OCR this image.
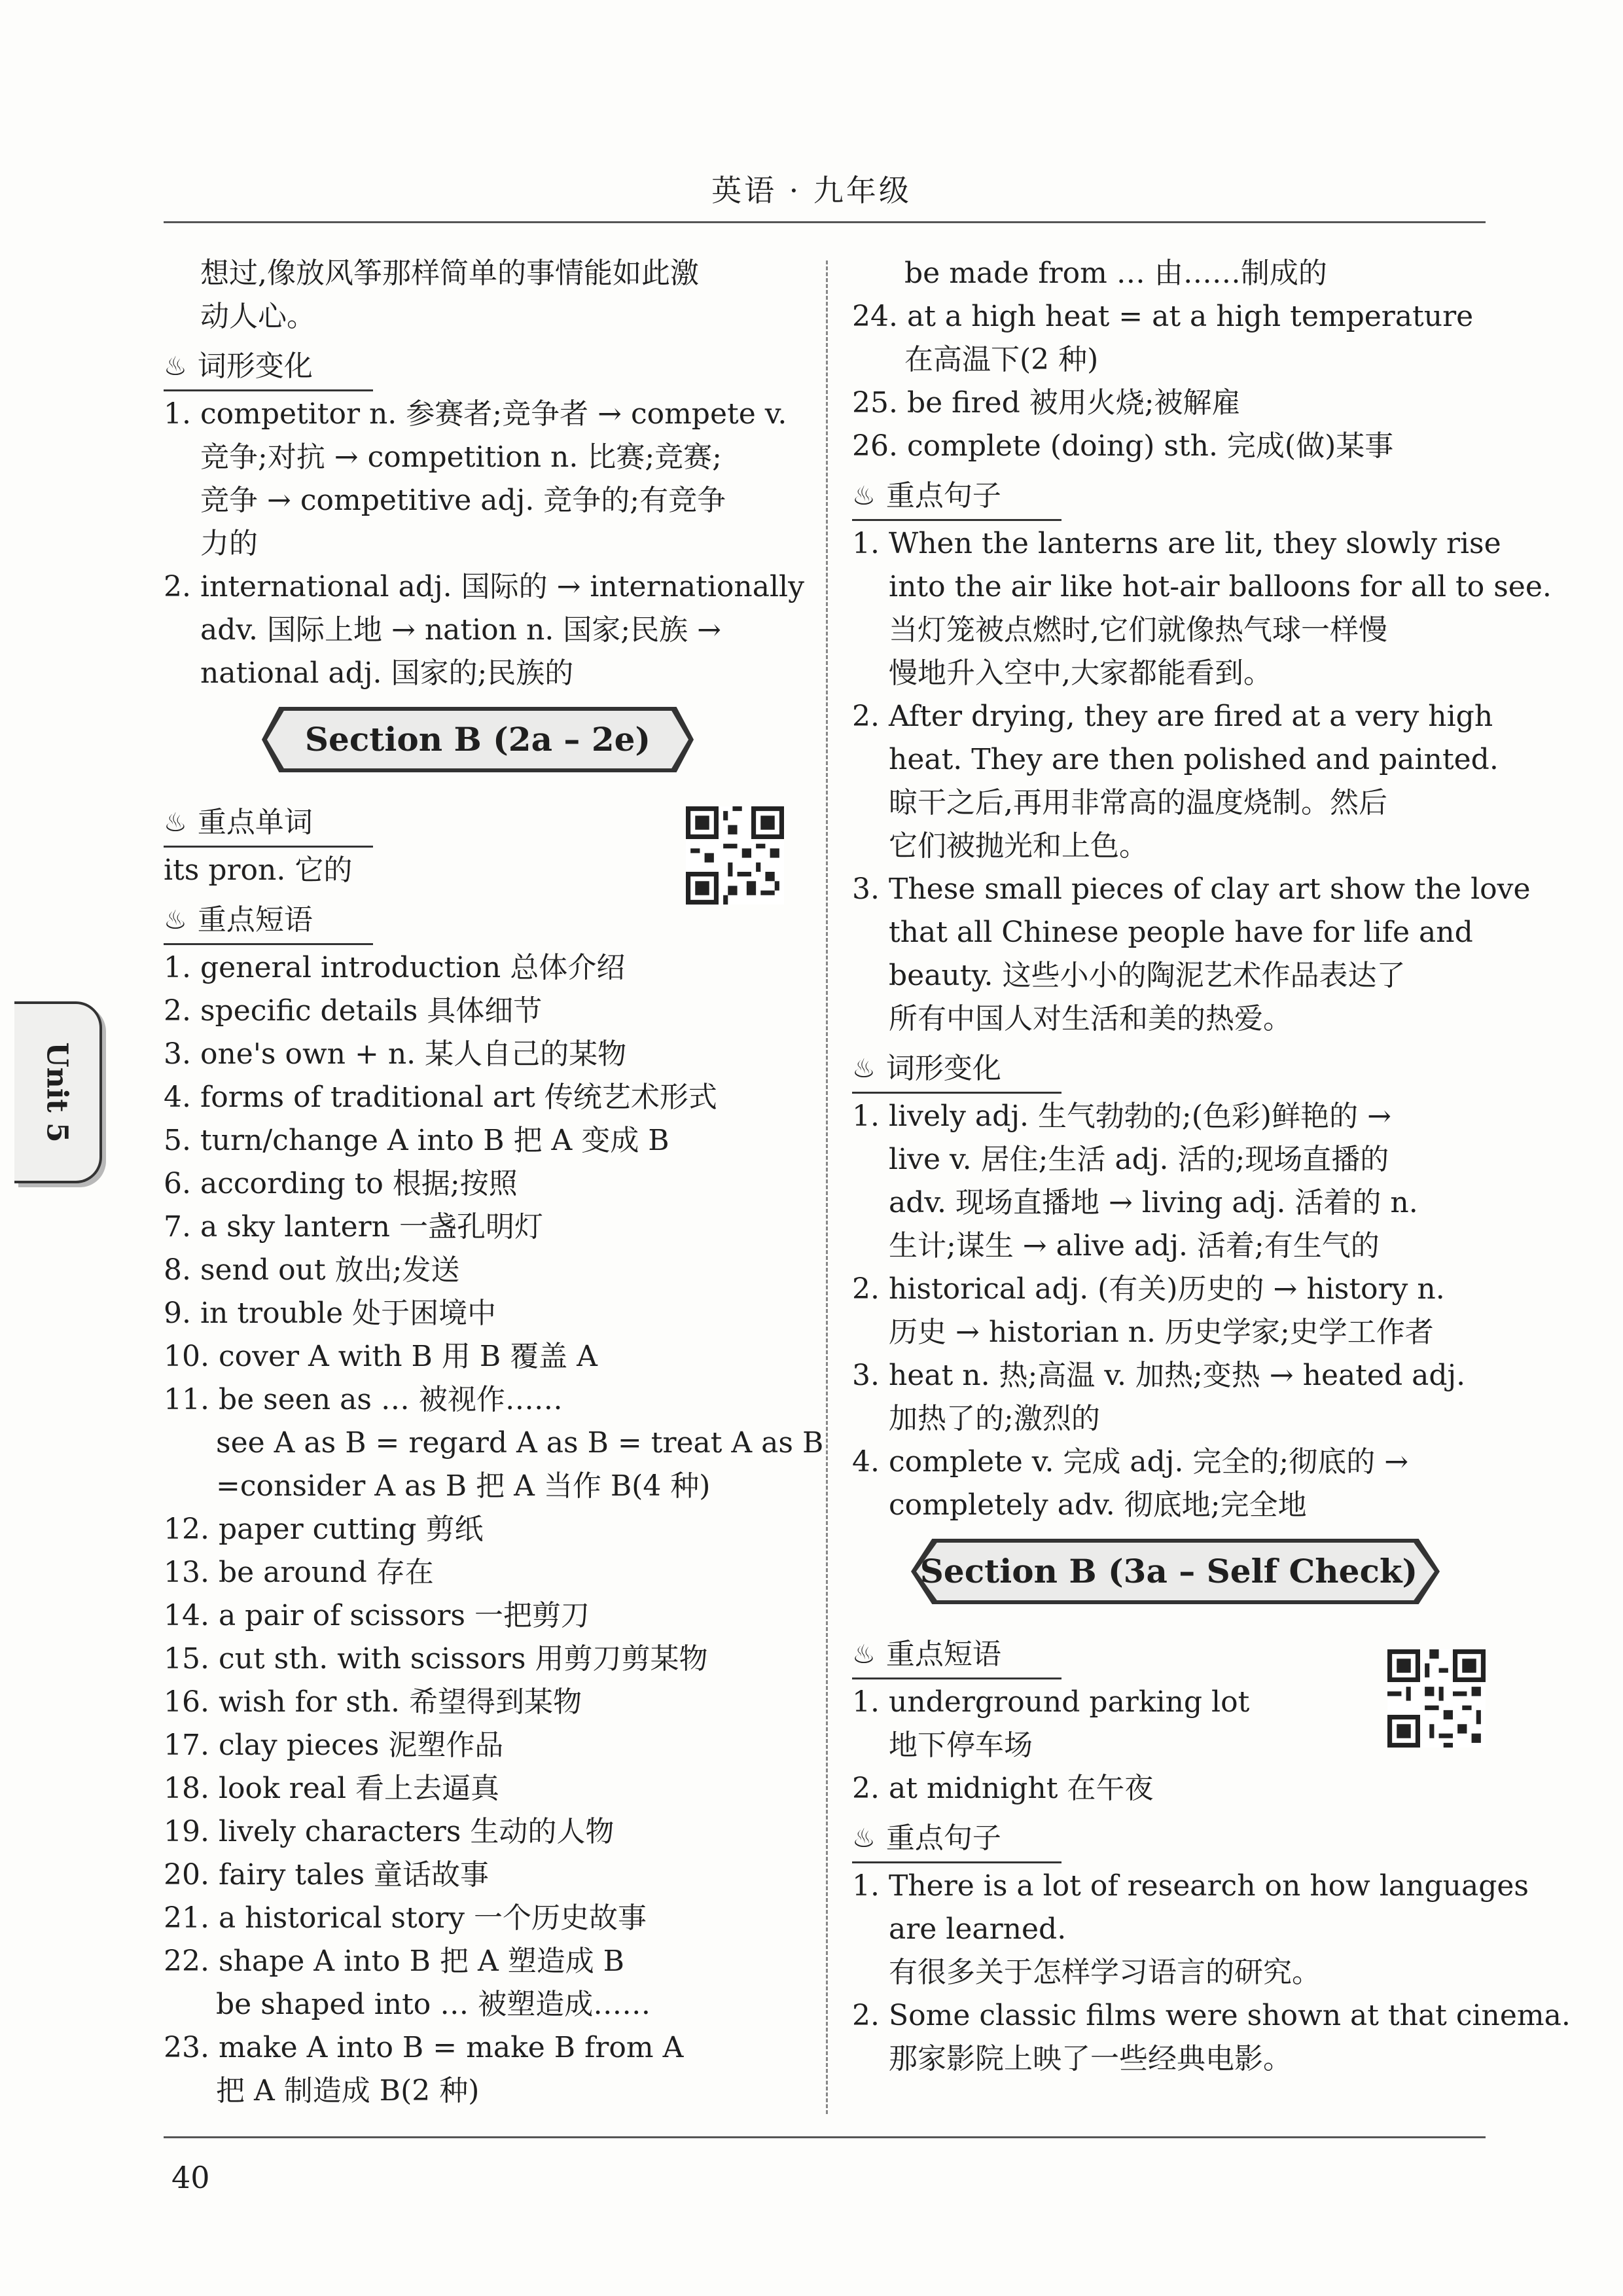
英语 · 九年级
40
Unit 5
想过,像放风筝那样简单的事情能如此激
动人心。
♨ 词形变化
1. competitor n. 参赛者;竞争者 → compete v.
竞争;对抗 → competition n. 比赛;竞赛;
竞争 → competitive adj. 竞争的;有竞争
力的
2. international adj. 国际的 → internationally
adv. 国际上地 → nation n. 国家;民族 →
national adj. 国家的;民族的
Section B (2a – 2e)
♨ 重点单词
its pron. 它的
♨ 重点短语
1. general introduction 总体介绍
2. specific details 具体细节
3. one's own + n. 某人自己的某物
4. forms of traditional art 传统艺术形式
5. turn/change A into B 把 A 变成 B
6. according to 根据;按照
7. a sky lantern 一盏孔明灯
8. send out 放出;发送
9. in trouble 处于困境中
10. cover A with B 用 B 覆盖 A
11. be seen as … 被视作……
see A as B = regard A as B = treat A as B
=consider A as B 把 A 当作 B(4 种)
12. paper cutting 剪纸
13. be around 存在
14. a pair of scissors 一把剪刀
15. cut sth. with scissors 用剪刀剪某物
16. wish for sth. 希望得到某物
17. clay pieces 泥塑作品
18. look real 看上去逼真
19. lively characters 生动的人物
20. fairy tales 童话故事
21. a historical story 一个历史故事
22. shape A into B 把 A 塑造成 B
be shaped into … 被塑造成……
23. make A into B = make B from A
把 A 制造成 B(2 种)
be made from … 由……制成的
24. at a high heat = at a high temperature
在高温下(2 种)
25. be fired 被用火烧;被解雇
26. complete (doing) sth. 完成(做)某事
♨ 重点句子
1. When the lanterns are lit, they slowly rise
into the air like hot-air balloons for all to see.
当灯笼被点燃时,它们就像热气球一样慢
慢地升入空中,大家都能看到。
2. After drying, they are fired at a very high
heat. They are then polished and painted.
晾干之后,再用非常高的温度烧制。然后
它们被抛光和上色。
3. These small pieces of clay art show the love
that all Chinese people have for life and
beauty. 这些小小的陶泥艺术作品表达了
所有中国人对生活和美的热爱。
♨ 词形变化
1. lively adj. 生气勃勃的;(色彩)鲜艳的 →
live v. 居住;生活 adj. 活的;现场直播的
adv. 现场直播地 → living adj. 活着的 n.
生计;谋生 → alive adj. 活着;有生气的
2. historical adj. (有关)历史的 → history n.
历史 → historian n. 历史学家;史学工作者
3. heat n. 热;高温 v. 加热;变热 → heated adj.
加热了的;激烈的
4. complete v. 完成 adj. 完全的;彻底的 →
completely adv. 彻底地;完全地
Section B (3a – Self Check)
♨ 重点短语
1. underground parking lot
地下停车场
2. at midnight 在午夜
♨ 重点句子
1. There is a lot of research on how languages
are learned.
有很多关于怎样学习语言的研究。
2. Some classic films were shown at that cinema.
那家影院上映了一些经典电影。
